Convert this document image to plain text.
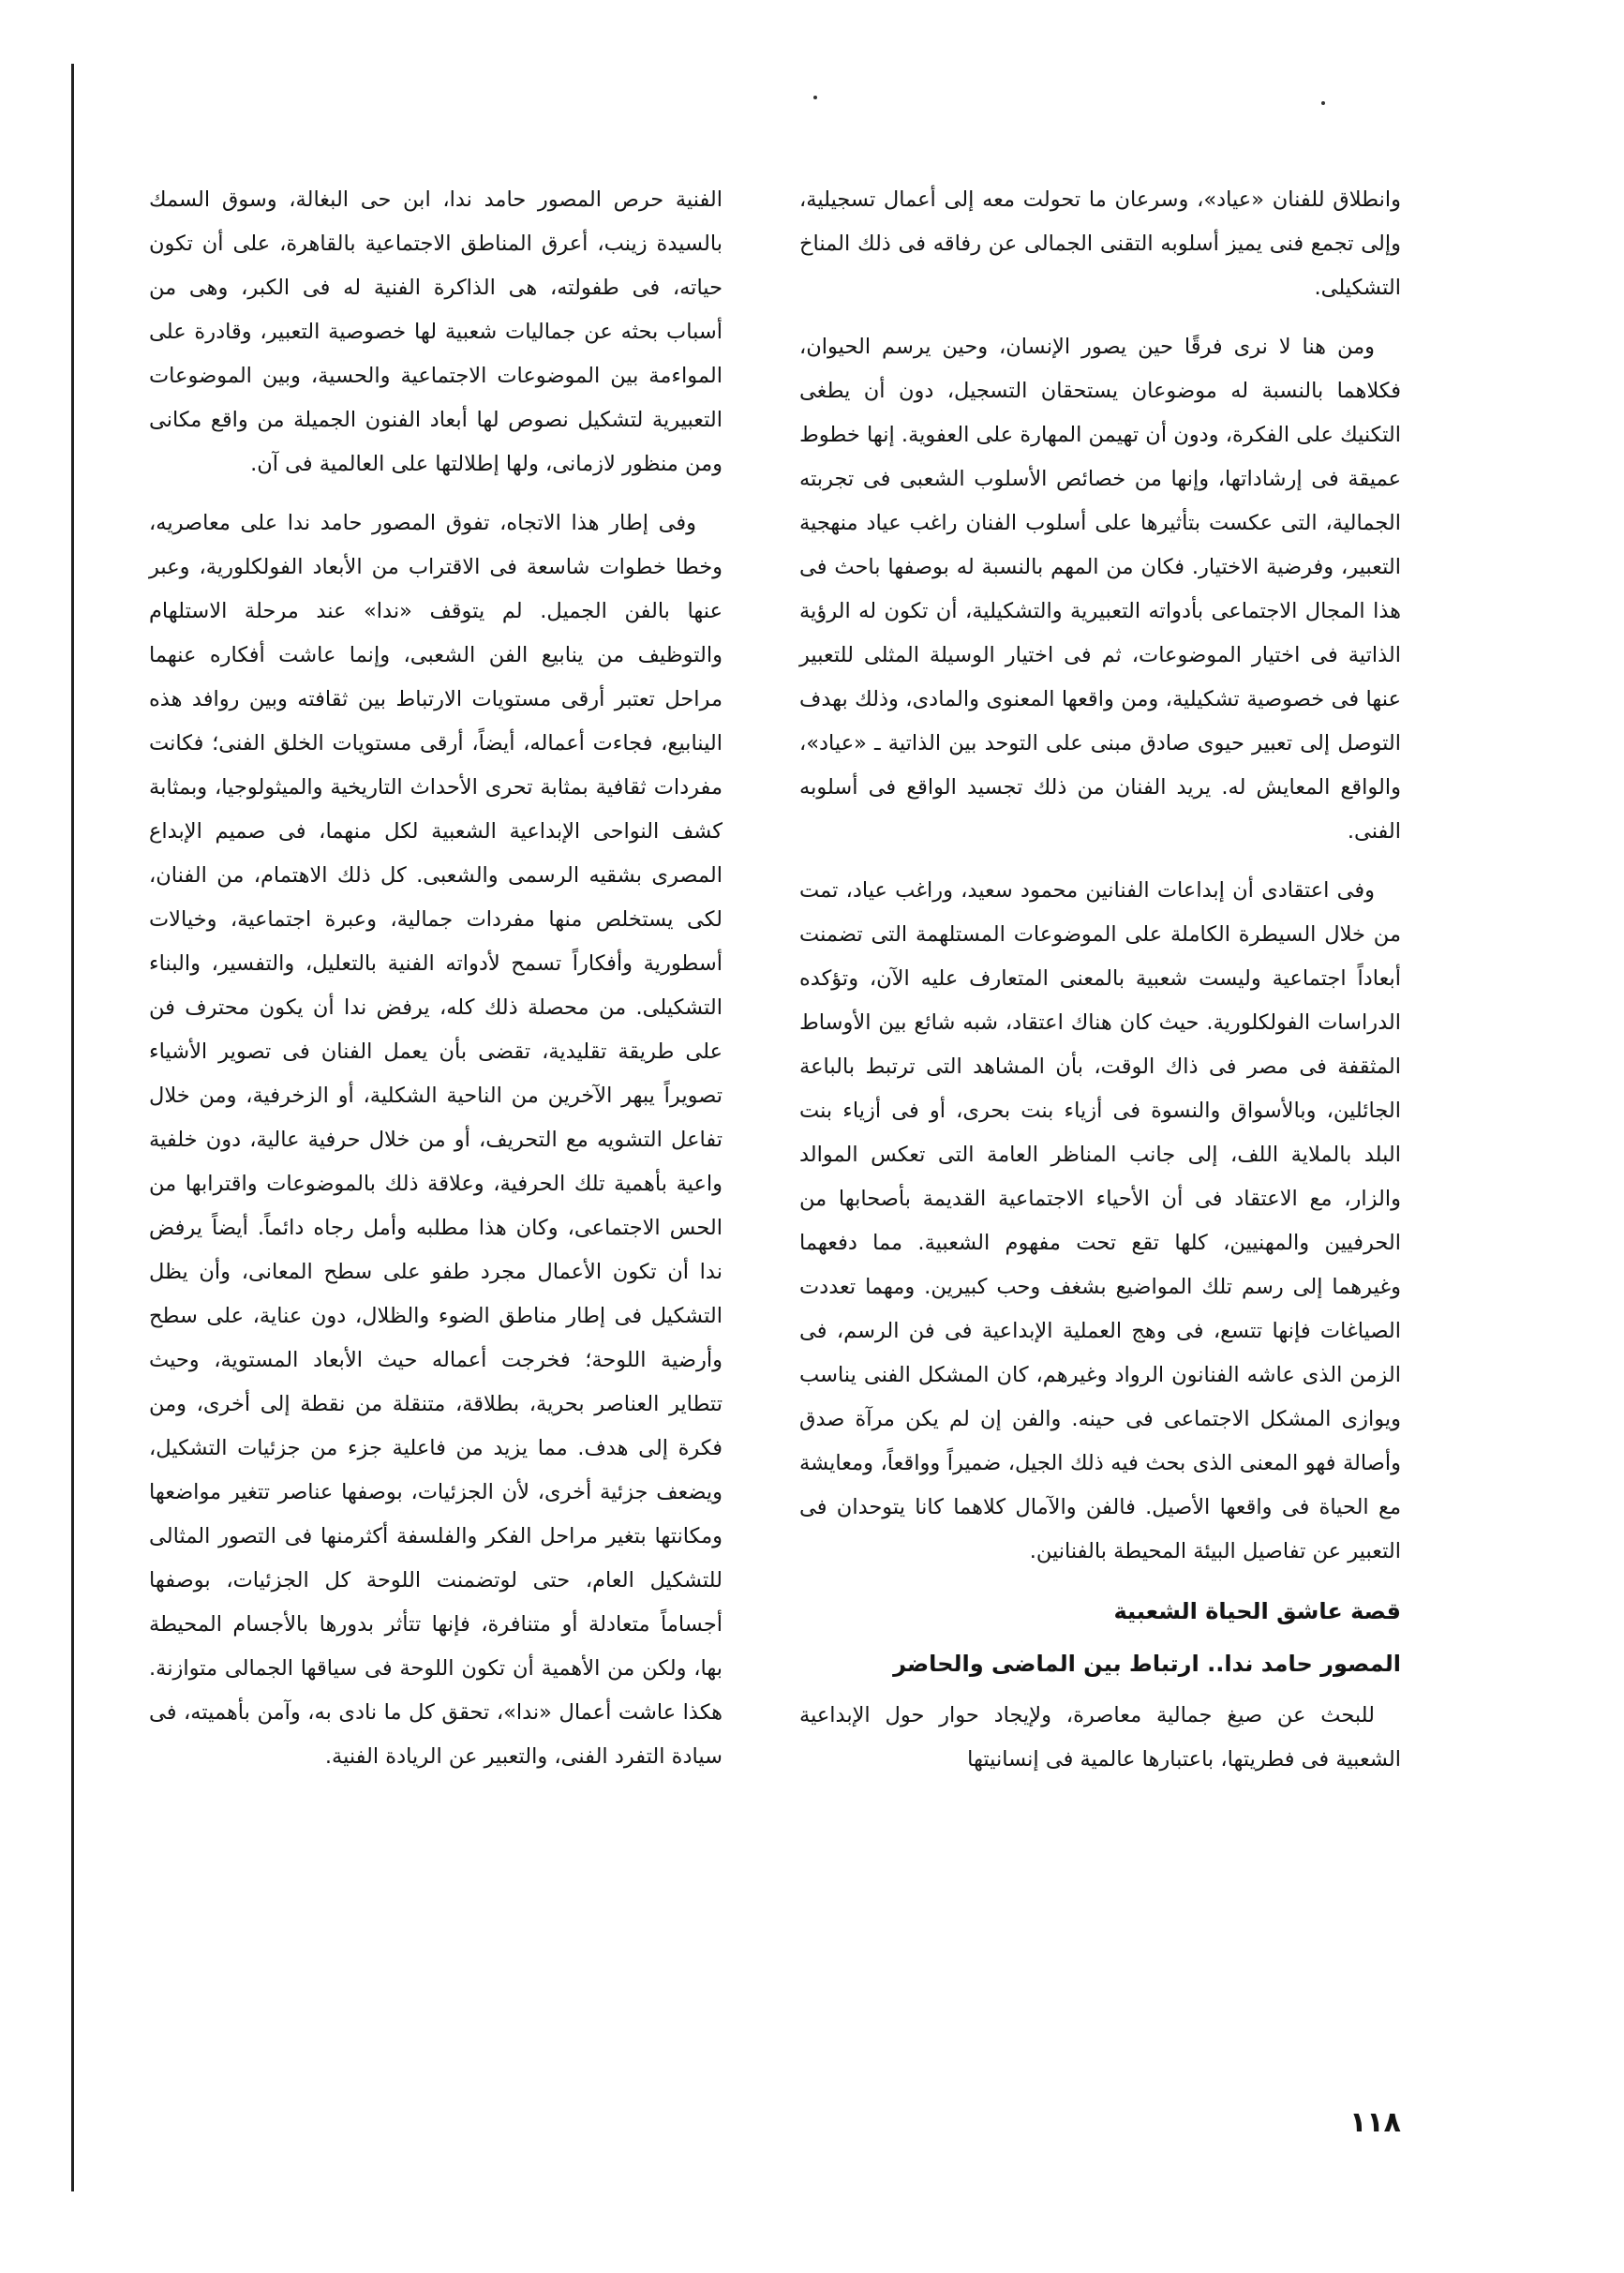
وانطلاق للفنان «عياد»، وسرعان ما تحولت معه إلى أعمال تسجيلية، وإلى تجمع فنى يميز أسلوبه التقنى الجمالى عن رفاقه فى ذلك المناخ التشكيلى.

ومن هنا لا نرى فرقًا حين يصور الإنسان، وحين يرسم الحيوان، فكلاهما بالنسبة له موضوعان يستحقان التسجيل، دون أن يطغى التكنيك على الفكرة، ودون أن تهيمن المهارة على العفوية. إنها خطوط عميقة فى إرشاداتها، وإنها من خصائص الأسلوب الشعبى فى تجربته الجمالية، التى عكست بتأثيرها على أسلوب الفنان راغب عياد منهجية التعبير، وفرضية الاختيار. فكان من المهم بالنسبة له بوصفها باحث فى هذا المجال الاجتماعى بأدواته التعبيرية والتشكيلية، أن تكون له الرؤية الذاتية فى اختيار الموضوعات، ثم فى اختيار الوسيلة المثلى للتعبير عنها فى خصوصية تشكيلية، ومن واقعها المعنوى والمادى، وذلك بهدف التوصل إلى تعبير حيوى صادق مبنى على التوحد بين الذاتية ـ «عياد»، والواقع المعايش له. يريد الفنان من ذلك تجسيد الواقع فى أسلوبه الفنى.

وفى اعتقادى أن إبداعات الفنانين محمود سعيد، وراغب عياد، تمت من خلال السيطرة الكاملة على الموضوعات المستلهمة التى تضمنت أبعاداً اجتماعية وليست شعبية بالمعنى المتعارف عليه الآن، وتؤكده الدراسات الفولكلورية. حيث كان هناك اعتقاد، شبه شائع بين الأوساط المثقفة فى مصر فى ذاك الوقت، بأن المشاهد التى ترتبط بالباعة الجائلين، وبالأسواق والنسوة فى أزياء بنت بحرى، أو فى أزياء بنت البلد بالملاية اللف، إلى جانب المناظر العامة التى تعكس الموالد والزار، مع الاعتقاد فى أن الأحياء الاجتماعية القديمة بأصحابها من الحرفيين والمهنيين، كلها تقع تحت مفهوم الشعبية. مما دفعهما وغيرهما إلى رسم تلك المواضيع بشغف وحب كبيرين. ومهما تعددت الصياغات فإنها تتسع، فى وهج العملية الإبداعية فى فن الرسم، فى الزمن الذى عاشه الفنانون الرواد وغيرهم، كان المشكل الفنى يناسب ويوازى المشكل الاجتماعى فى حينه. والفن إن لم يكن مرآة صدق وأصالة فهو المعنى الذى بحث فيه ذلك الجيل، ضميراً وواقعاً، ومعايشة مع الحياة فى واقعها الأصيل. فالفن والآمال كلاهما كانا يتوحدان فى التعبير عن تفاصيل البيئة المحيطة بالفنانين.

قصة عاشق الحياة الشعبية
المصور حامد ندا.. ارتباط بين الماضى والحاضر

للبحث عن صيغ جمالية معاصرة، ولإيجاد حوار حول الإبداعية الشعبية فى فطريتها، باعتبارها عالمية فى إنسانيتها

الفنية حرص المصور حامد ندا، ابن حى البغالة، وسوق السمك بالسيدة زينب، أعرق المناطق الاجتماعية بالقاهرة، على أن تكون حياته، فى طفولته، هى الذاكرة الفنية له فى الكبر، وهى من أسباب بحثه عن جماليات شعبية لها خصوصية التعبير، وقادرة على المواءمة بين الموضوعات الاجتماعية والحسية، وبين الموضوعات التعبيرية لتشكيل نصوص لها أبعاد الفنون الجميلة من واقع مكانى ومن منظور لازمانى، ولها إطلالتها على العالمية فى آن.

وفى إطار هذا الاتجاه، تفوق المصور حامد ندا على معاصريه، وخطا خطوات شاسعة فى الاقتراب من الأبعاد الفولكلورية، وعبر عنها بالفن الجميل. لم يتوقف «ندا» عند مرحلة الاستلهام والتوظيف من ينابيع الفن الشعبى، وإنما عاشت أفكاره عنهما مراحل تعتبر أرقى مستويات الارتباط بين ثقافته وبين روافد هذه الينابيع، فجاءت أعماله، أيضاً، أرقى مستويات الخلق الفنى؛ فكانت مفردات ثقافية بمثابة تحرى الأحداث التاريخية والميثولوجيا، وبمثابة كشف النواحى الإبداعية الشعبية لكل منهما، فى صميم الإبداع المصرى بشقيه الرسمى والشعبى. كل ذلك الاهتمام، من الفنان، لكى يستخلص منها مفردات جمالية، وعبرة اجتماعية، وخيالات أسطورية وأفكاراً تسمح لأدواته الفنية بالتعليل، والتفسير، والبناء التشكيلى. من محصلة ذلك كله، يرفض ندا أن يكون محترف فن على طريقة تقليدية، تقضى بأن يعمل الفنان فى تصوير الأشياء تصويراً يبهر الآخرين من الناحية الشكلية، أو الزخرفية، ومن خلال تفاعل التشويه مع التحريف، أو من خلال حرفية عالية، دون خلفية واعية بأهمية تلك الحرفية، وعلاقة ذلك بالموضوعات واقترابها من الحس الاجتماعى، وكان هذا مطلبه وأمل رجاه دائماً. أيضاً يرفض ندا أن تكون الأعمال مجرد طفو على سطح المعانى، وأن يظل التشكيل فى إطار مناطق الضوء والظلال، دون عناية، على سطح وأرضية اللوحة؛ فخرجت أعماله حيث الأبعاد المستوية، وحيث تتطاير العناصر بحرية، بطلاقة، متنقلة من نقطة إلى أخرى، ومن فكرة إلى هدف. مما يزيد من فاعلية جزء من جزئيات التشكيل، ويضعف جزئية أخرى، لأن الجزئيات، بوصفها عناصر تتغير مواضعها ومكانتها بتغير مراحل الفكر والفلسفة أكثرمنها فى التصور المثالى للتشكيل العام، حتى لوتضمنت اللوحة كل الجزئيات، بوصفها أجساماً متعادلة أو متنافرة، فإنها تتأثر بدورها بالأجسام المحيطة بها، ولكن من الأهمية أن تكون اللوحة فى سياقها الجمالى متوازنة. هكذا عاشت أعمال «ندا»، تحقق كل ما نادى به، وآمن بأهميته، فى سيادة التفرد الفنى، والتعبير عن الريادة الفنية.

١١٨
